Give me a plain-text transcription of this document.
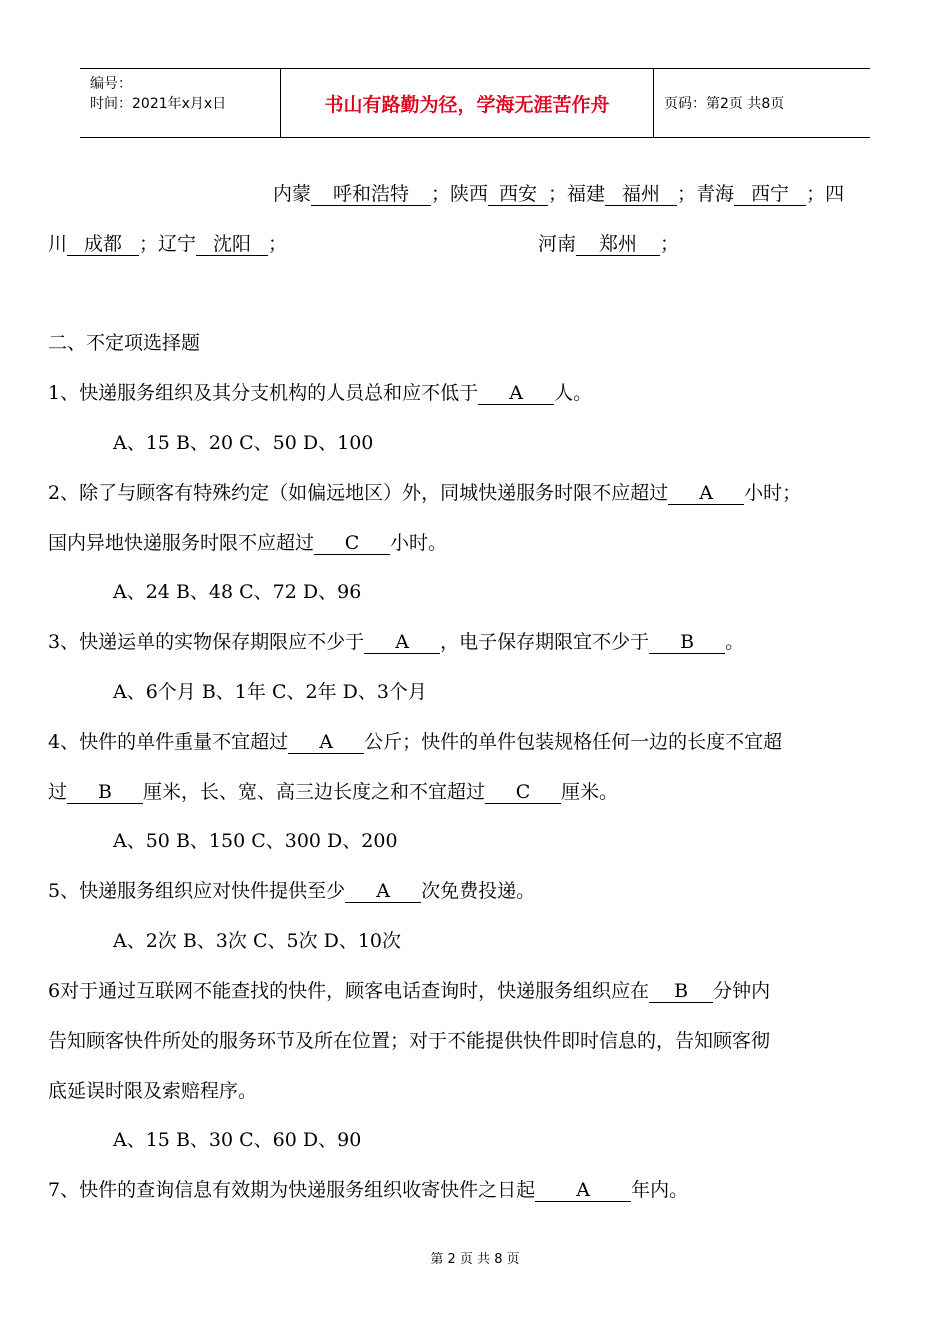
编号：
时间：2021年x月x日	书山有路勤为径，学海无涯苦作舟	页码：第2页 共8页
内蒙 呼和浩特 ；陕西 西安 ；福建 福州 ；青海 西宁 ；四
川 成都 ；辽宁 沈阳 ；	河南 郑州 ；
二、不定项选择题
1、快递服务组织及其分支机构的人员总和应不低于 A 人。
A、15 B、20 C、50 D、100
2、除了与顾客有特殊约定（如偏远地区）外，同城快递服务时限不应超过 A 小时；
国内异地快递服务时限不应超过 C 小时。
A、24 B、48 C、72 D、96
3、快递运单的实物保存期限应不少于 A ，电子保存期限宜不少于 B 。
A、6个月 B、1年 C、2年 D、3个月
4、快件的单件重量不宜超过 A 公斤；快件的单件包装规格任何一边的长度不宜超
过 B 厘米，长、宽、高三边长度之和不宜超过 C 厘米。
A、50 B、150 C、300 D、200
5、快递服务组织应对快件提供至少 A 次免费投递。
A、2次 B、3次 C、5次 D、10次
6对于通过互联网不能查找的快件，顾客电话查询时，快递服务组织应在 B 分钟内
告知顾客快件所处的服务环节及所在位置；对于不能提供快件即时信息的，告知顾客彻
底延误时限及索赔程序。
A、15 B、30 C、60 D、90
7、快件的查询信息有效期为快递服务组织收寄快件之日起 A 年内。
第 2 页 共 8 页
